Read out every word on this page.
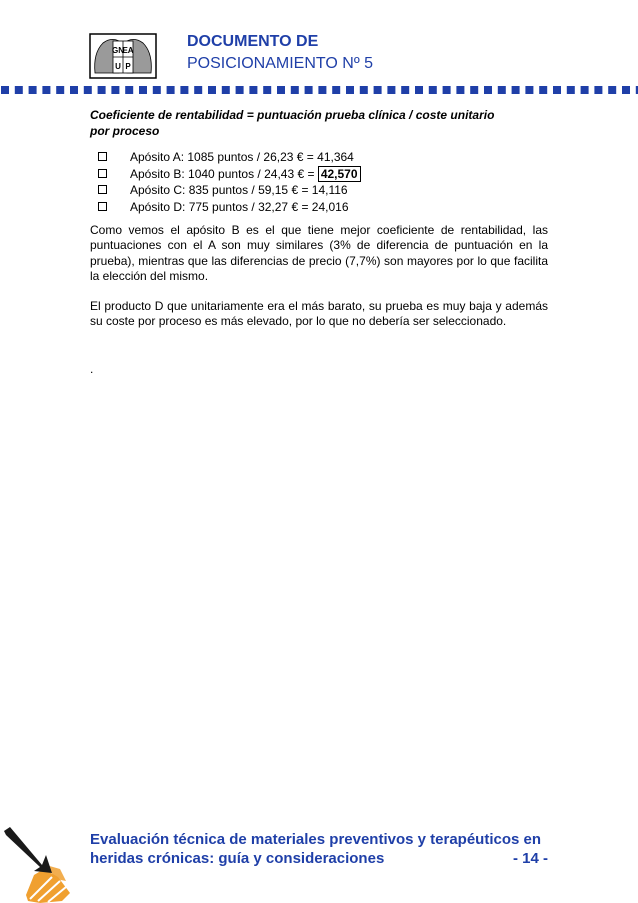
GN
EA
U P
DOCUMENTO DE
POSICIONAMIENTO Nº 5
Coeficiente de rentabilidad = puntuación prueba clínica / coste unitario
por proceso
Apósito A: 1085 puntos / 26,23 € = 41,364
Apósito B: 1040 puntos / 24,43 € = 42,570
Apósito C: 835 puntos / 59,15 € = 14,116
Apósito D: 775 puntos / 32,27 € = 24,016

Como vemos el apósito B es el que tiene mejor coeficiente de rentabilidad, las puntuaciones con el A son muy similares (3% de diferencia de puntuación en la prueba), mientras que las diferencias de precio (7,7%) son mayores por lo que facilita la elección del mismo.

El producto D que unitariamente era el más barato, su prueba es muy baja y además su coste por proceso es más elevado, por lo que no debería ser seleccionado.

.
Evaluación técnica de materiales preventivos y terapéuticos en
heridas crónicas: guía y consideraciones	- 14 -
